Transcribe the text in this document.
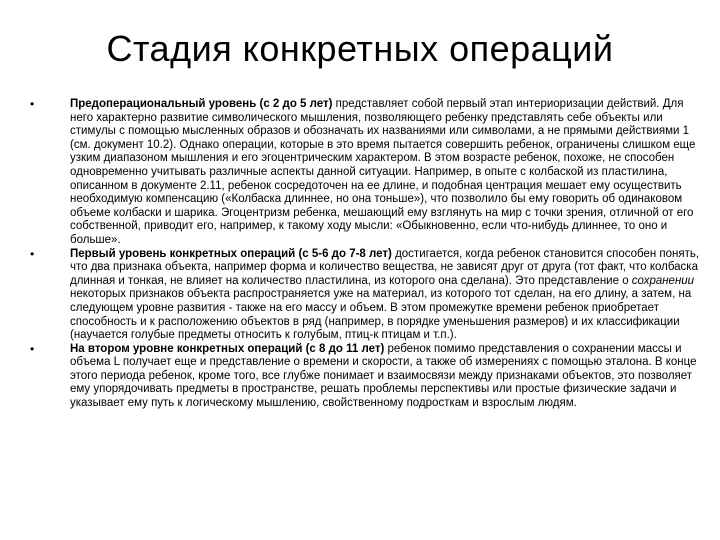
Стадия конкретных операций
•	Предоперациональный уровень (с 2 до 5 лет) представляет собой первый этап интериоризации действий. Для него характерно развитие символического мышления, позволяющего ребенку представлять себе объекты или стимулы с помощью мысленных образов и обозначать их названиями или символами, а не прямыми действиями 1 (см. документ 10.2). Однако операции, которые в это время пытается совершить ребенок, ограничены слишком еще узким диапазоном мышления и его эгоцентрическим характером. В этом возрасте ребенок, похоже, не способен одновременно учитывать различные аспекты данной ситуации. Например, в опыте с колбаской из пластилина, описанном в документе 2.11, ребенок сосредоточен на ее длине, и подобная центрация мешает ему осуществить необходимую компенсацию («Колбаска длиннее, но она тоньше»), что позволило бы ему говорить об одинаковом объеме колбаски и шарика. Эгоцентризм ребенка, мешающий ему взглянуть на мир с точки зрения, отличной от его собственной, приводит его, например, к такому ходу мысли: «Обыкновенно, если что-нибудь длиннее, то оно и больше».
•	Первый уровень конкретных операций (с 5-6 до 7-8 лет) достигается, когда ребенок становится способен понять, что два признака объекта, например форма и количество вещества, не зависят друг от друга (тот факт, что колбаска длинная и тонкая, не влияет на количество пластилина, из которого она сделана). Это представление о сохранении некоторых признаков объекта распространяется уже на материал, из которого тот сделан, на его длину, а затем, на следующем уровне развития - также на его массу и объем. В этом промежутке времени ребенок приобретает способность и к расположению объектов в ряд (например, в порядке уменьшения размеров) и их классификации (научается голубые предметы относить к голубым, птиц-к птицам и т.п.).
•	На втором уровне конкретных операций (с 8 до 11 лет) ребенок помимо представления о сохранении массы и объема L получает еще и представление о времени и скорости, а также об измерениях с помощью эталона. В конце этого периода ребенок, кроме того, все глубже понимает и взаимосвязи между признаками объектов, это позволяет ему упорядочивать предметы в пространстве, решать проблемы перспективы или простые физические задачи и указывает ему путь к логическому мышлению, свойственному подросткам и взрослым людям.
